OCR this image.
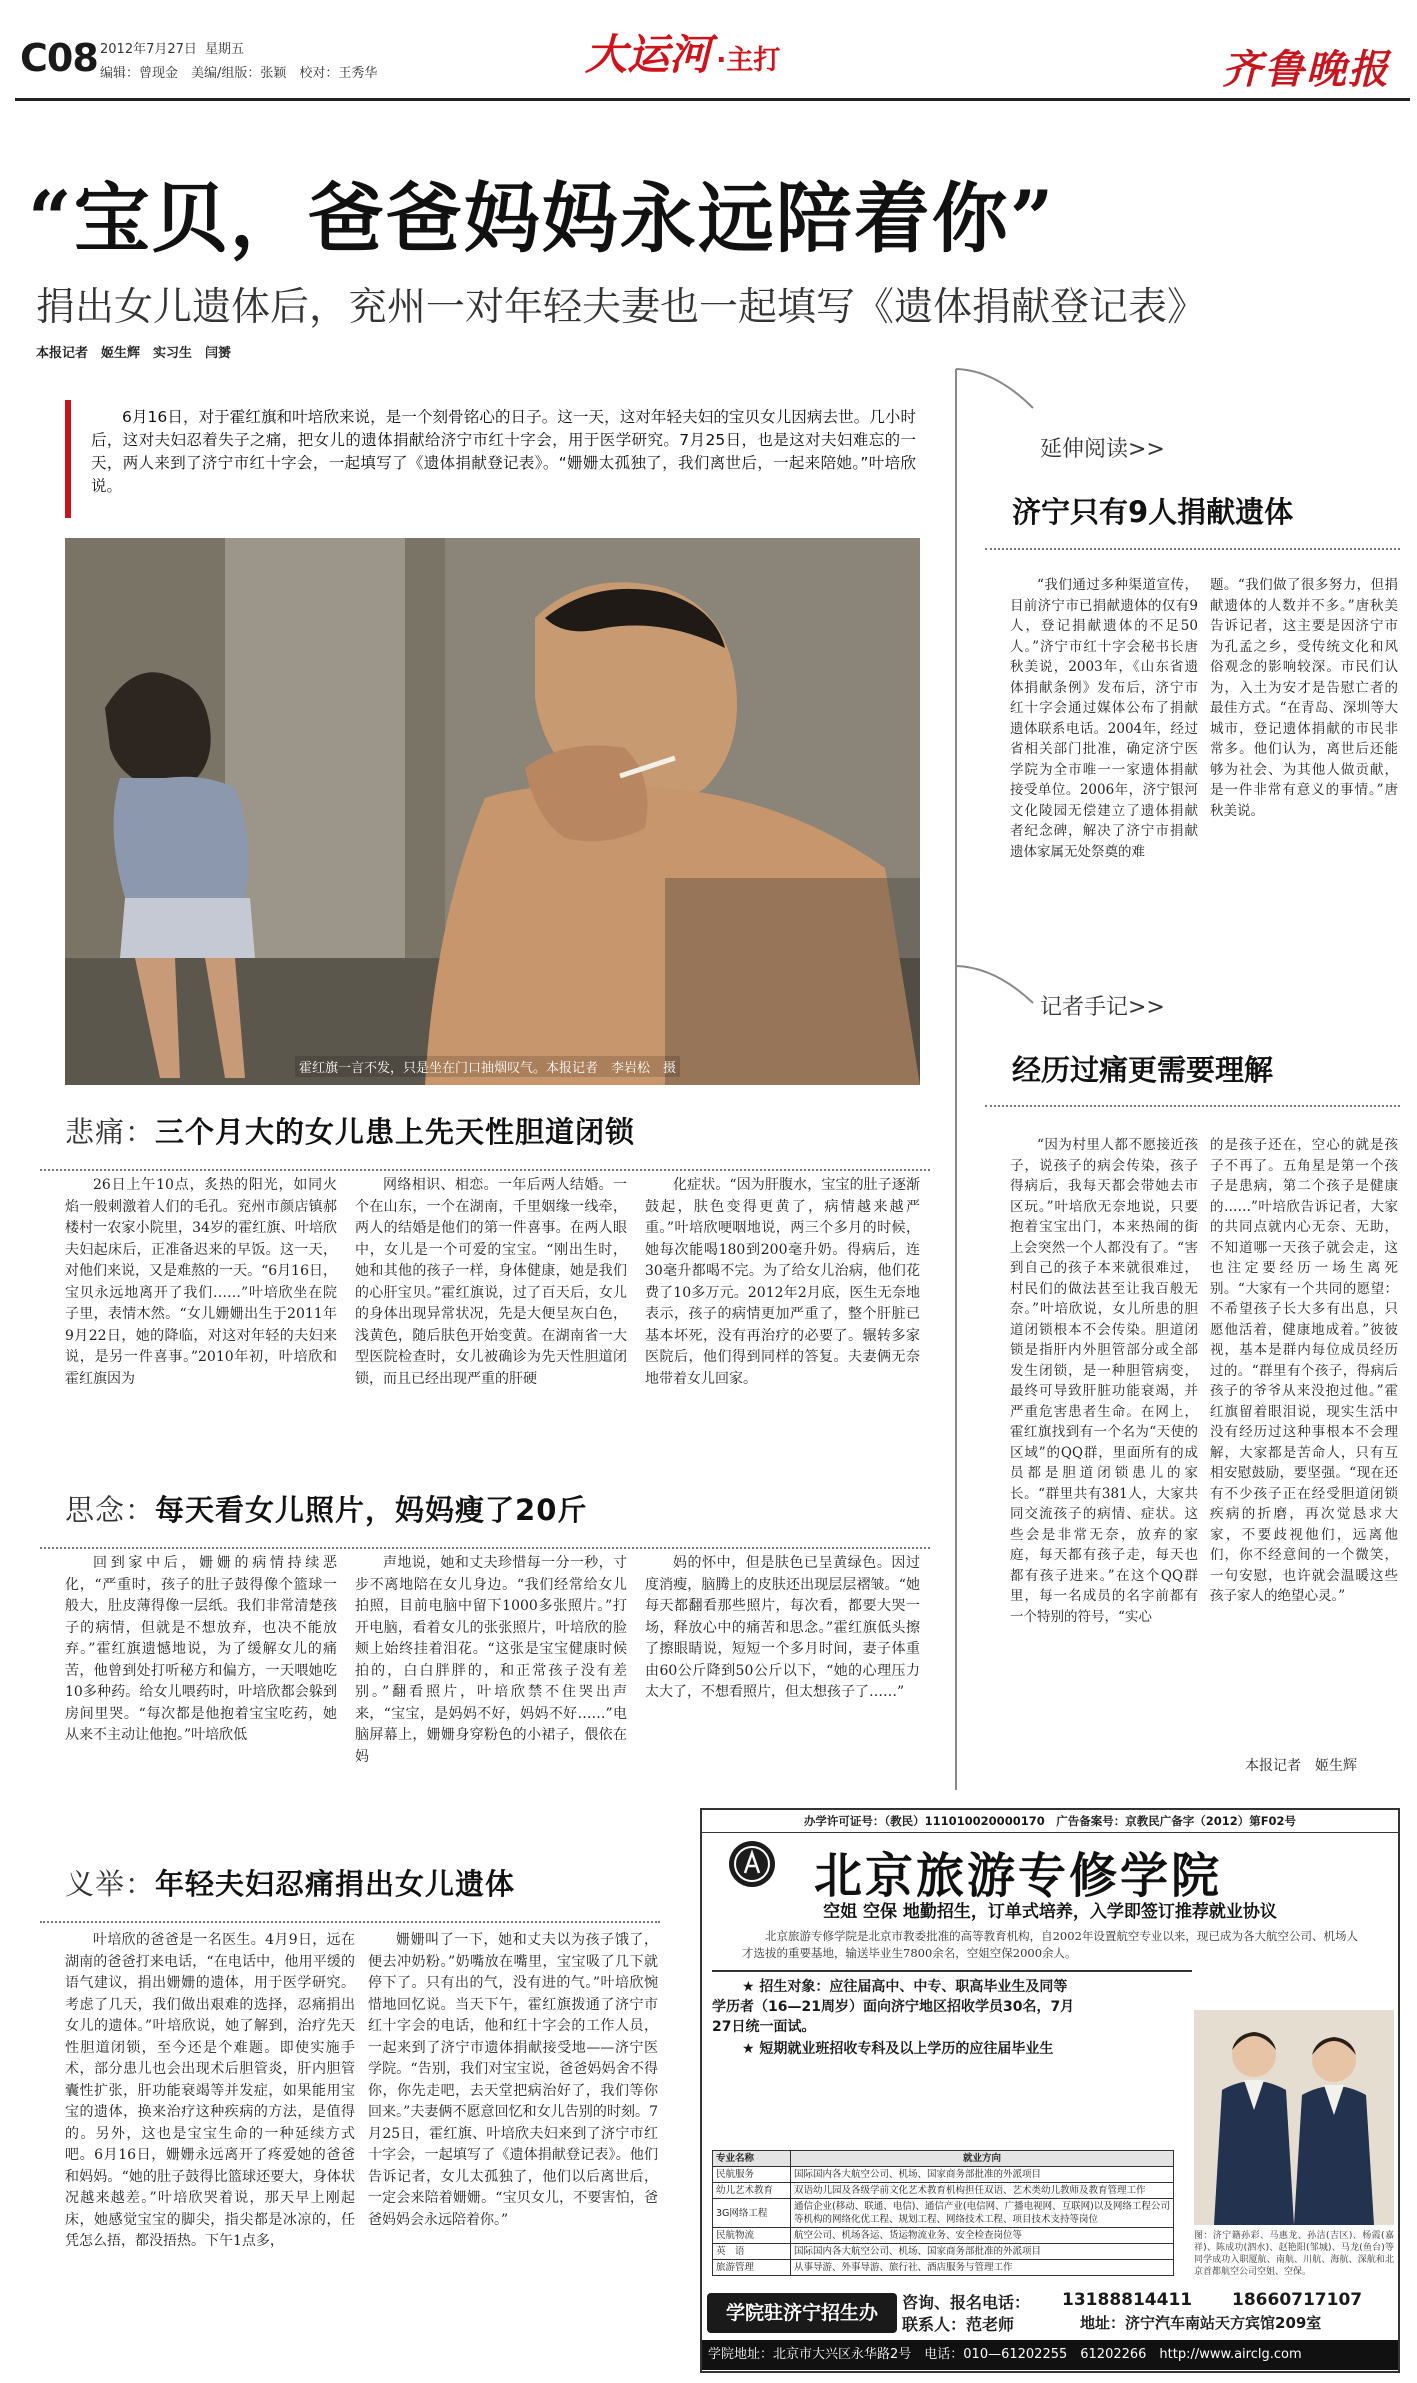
C08 2012年7月27日 星期五
编辑：曾现金　美编/组版：张颖　校对：王秀华	大运河 ·主打	齐鲁晚报
“宝贝，爸爸妈妈永远陪着你”
捐出女儿遗体后，兖州一对年轻夫妻也一起填写《遗体捐献登记表》
本报记者　姬生辉　实习生　闫赟
6月16日，对于霍红旗和叶培欣来说，是一个刻骨铭心的日子。这一天，这对年轻夫妇的宝贝女儿因病去世。几小时后，这对夫妇忍着失子之痛，把女儿的遗体捐献给济宁市红十字会，用于医学研究。7月25日，也是这对夫妇难忘的一天，两人来到了济宁市红十字会，一起填写了《遗体捐献登记表》。“姗姗太孤独了，我们离世后，一起来陪她。”叶培欣说。
霍红旗一言不发，只是坐在门口抽烟叹气。本报记者　李岩松　摄
悲痛：三个月大的女儿患上先天性胆道闭锁
26日上午10点，炙热的阳光，如同火焰一般刺激着人们的毛孔。兖州市颜店镇郝楼村一农家小院里，34岁的霍红旗、叶培欣夫妇起床后，正准备迟来的早饭。这一天，对他们来说，又是难熬的一天。“6月16日，宝贝永远地离开了我们……”叶培欣坐在院子里，表情木然。“女儿姗姗出生于2011年9月22日，她的降临，对这对年轻的夫妇来说，是另一件喜事。”2010年初，叶培欣和霍红旗因为
网络相识、相恋。一年后两人结婚。一个在山东，一个在湖南，千里姻缘一线牵，两人的结婚是他们的第一件喜事。在两人眼中，女儿是一个可爱的宝宝。“刚出生时，她和其他的孩子一样，身体健康，她是我们的心肝宝贝。”霍红旗说，过了百天后，女儿的身体出现异常状况，先是大便呈灰白色，浅黄色，随后肤色开始变黄。在湖南省一大型医院检查时，女儿被确诊为先天性胆道闭锁，而且已经出现严重的肝硬
化症状。“因为肝腹水，宝宝的肚子逐渐鼓起，肤色变得更黄了，病情越来越严重。”叶培欣哽咽地说，两三个多月的时候，她每次能喝180到200毫升奶。得病后，连30毫升都喝不完。为了给女儿治病，他们花费了10多万元。2012年2月底，医生无奈地表示，孩子的病情更加严重了，整个肝脏已基本坏死，没有再治疗的必要了。辗转多家医院后，他们得到同样的答复。夫妻俩无奈地带着女儿回家。
思念：每天看女儿照片，妈妈瘦了20斤
回到家中后，姗姗的病情持续恶化，“严重时，孩子的肚子鼓得像个篮球一般大，肚皮薄得像一层纸。我们非常清楚孩子的病情，但就是不想放弃，也决不能放弃。”霍红旗遗憾地说，为了缓解女儿的痛苦，他曾到处打听秘方和偏方，一天喂她吃10多种药。给女儿喂药时，叶培欣都会躲到房间里哭。“每次都是他抱着宝宝吃药，她从来不主动让他抱。”叶培欣低
声地说，她和丈夫珍惜每一分一秒，寸步不离地陪在女儿身边。“我们经常给女儿拍照，目前电脑中留下1000多张照片。”打开电脑，看着女儿的张张照片，叶培欣的脸颊上始终挂着泪花。“这张是宝宝健康时候拍的，白白胖胖的，和正常孩子没有差别。”翻看照片，叶培欣禁不住哭出声来，“宝宝，是妈妈不好，妈妈不好……”电脑屏幕上，姗姗身穿粉色的小裙子，偎依在妈
妈的怀中，但是肤色已呈黄绿色。因过度消瘦，脑腾上的皮肤还出现层层褶皱。“她每天都翻看那些照片，每次看，都要大哭一场，释放心中的痛苦和思念。”霍红旗低头擦了擦眼睛说，短短一个多月时间，妻子体重由60公斤降到50公斤以下，“她的心理压力太大了，不想看照片，但太想孩子了……”
义举：年轻夫妇忍痛捐出女儿遗体
叶培欣的爸爸是一名医生。4月9日，远在湖南的爸爸打来电话，“在电话中，他用平缓的语气建议，捐出姗姗的遗体，用于医学研究。考虑了几天，我们做出艰难的选择，忍痛捐出女儿的遗体。”叶培欣说，她了解到，治疗先天性胆道闭锁，至今还是个难题。即使实施手术，部分患儿也会出现术后胆管炎，肝内胆管囊性扩张，肝功能衰竭等并发症，如果能用宝宝的遗体，换来治疗这种疾病的方法，是值得的。另外，这也是宝宝生命的一种延续方式吧。6月16日，姗姗永远离开了疼爱她的爸爸和妈妈。“她的肚子鼓得比篮球还要大，身体状况越来越差。”叶培欣哭着说，那天早上刚起床，她感觉宝宝的脚尖，指尖都是冰凉的，任凭怎么捂，都没捂热。下午1点多，
姗姗叫了一下，她和丈夫以为孩子饿了，便去冲奶粉。”奶嘴放在嘴里，宝宝吸了几下就停下了。只有出的气，没有进的气。”叶培欣惋惜地回忆说。当天下午，霍红旗拨通了济宁市红十字会的电话，他和红十字会的工作人员，一起来到了济宁市遗体捐献接受地——济宁医学院。“告别，我们对宝宝说，爸爸妈妈舍不得你，你先走吧，去天堂把病治好了，我们等你回来。”夫妻俩不愿意回忆和女儿告别的时刻。7月25日，霍红旗、叶培欣夫妇来到了济宁市红十字会，一起填写了《遗体捐献登记表》。他们告诉记者，女儿太孤独了，他们以后离世后，一定会来陪着姗姗。“宝贝女儿，不要害怕，爸爸妈妈会永远陪着你。”
延伸阅读>>
济宁只有9人捐献遗体
“我们通过多种渠道宣传，目前济宁市已捐献遗体的仅有9人，登记捐献遗体的不足50人。”济宁市红十字会秘书长唐秋美说，2003年，《山东省遗体捐献条例》发布后，济宁市红十字会通过媒体公布了捐献遗体联系电话。2004年，经过省相关部门批准，确定济宁医学院为全市唯一一家遗体捐献接受单位。2006年，济宁银河文化陵园无偿建立了遗体捐献者纪念碑，解决了济宁市捐献遗体家属无处祭奠的难
题。“我们做了很多努力，但捐献遗体的人数并不多。”唐秋美告诉记者，这主要是因济宁市为孔孟之乡，受传统文化和风俗观念的影响较深。市民们认为，入土为安才是告慰亡者的最佳方式。“在青岛、深圳等大城市，登记遗体捐献的市民非常多。他们认为，离世后还能够为社会、为其他人做贡献，是一件非常有意义的事情。”唐秋美说。
记者手记>>
经历过痛更需要理解
“因为村里人都不愿接近孩子，说孩子的病会传染，孩子得病后，我每天都会带她去市区玩。”叶培欣无奈地说，只要抱着宝宝出门，本来热闹的街上会突然一个人都没有了。“害到自己的孩子本来就很难过，村民们的做法甚至让我百般无奈。”叶培欣说，女儿所患的胆道闭锁根本不会传染。胆道闭锁是指肝内外胆管部分或全部发生闭锁，是一种胆管病变，最终可导致肝脏功能衰竭，并严重危害患者生命。在网上，霍红旗找到有一个名为“天使的区域”的QQ群，里面所有的成员都是胆道闭锁患儿的家长。“群里共有381人，大家共同交流孩子的病情、症状。这些会是非常无奈，放弃的家庭，每天都有孩子走，每天也都有孩子进来。”在这个QQ群里，每一名成员的名字前都有一个特别的符号，“实心
的是孩子还在，空心的就是孩子不再了。五角星是第一个孩子是患病，第二个孩子是健康的……”叶培欣告诉记者，大家的共同点就内心无奈、无助，不知道哪一天孩子就会走，这也注定要经历一场生离死别。“大家有一个共同的愿望：不希望孩子长大多有出息，只愿他活着，健康地成着。”彼彼视，基本是群内每位成员经历过的。“群里有个孩子，得病后孩子的爷爷从来没抱过他。”霍红旗留着眼泪说，现实生活中没有经历过这种事根本不会理解，大家都是苦命人，只有互相安慰鼓励，要坚强。“现在还有不少孩子正在经受胆道闭锁疾病的折磨，再次觉恳求大家，不要歧视他们，远离他们，你不经意间的一个微笑，一句安慰，也许就会温暖这些孩子家人的绝望心灵。”
本报记者　姬生辉
办学许可证号：（教民）111010020000170　广告备案号：京教民广备字（2012）第F02号
北京旅游专修学院
空姐 空保 地勤招生，订单式培养，入学即签订推荐就业协议
北京旅游专修学院是北京市教委批准的高等教育机构，自2002年设置航空专业以来，现已成为各大航空公司、机场人才选拔的重要基地，输送毕业生7800余名，空姐空保2000余人。
★ 招生对象：应往届高中、中专、职高毕业生及同等
学历者（16—21周岁）面向济宁地区招收学员30名，7月
27日统一面试。
★ 短期就业班招收专科及以上学历的应往届毕业生
专业名称	就业方向
民航服务	国际国内各大航空公司、机场、国家商务部批准的外派项目
幼儿艺术教育	双语幼儿园及各级学前文化艺术教育机构担任双语、艺术类幼儿教师及教育管理工作
3G网络工程	通信企业(移动、联通、电信)、通信产业(电信网、广播电视网、互联网)以及网络工程公司等机构的网络化优工程、规划工程、网络技术工程、项目技术支持等岗位
民航物流	航空公司、机场各运、货运物流业务、安全检查岗位等
英　语	国际国内各大航空公司、机场、国家商务部批准的外派项目
旅游管理	从事导游、外事导游、旅行社、酒店服务与管理工作
图：济宁籍孙彩、马惠龙、孙洁(吉区)、杨霞(嘉祥)、陈成功(泗水)、赵艳阳(邹城)、马龙(鱼台)等同学成功入职厦航、南航、川航、海航、深航和北京首都航空公司空姐、空保。
学院驻济宁招生办	咨询、报名电话： 13188814411 18660717107
联系人：范老师	地址：济宁汽车南站天方宾馆209室
学院地址：北京市大兴区永华路2号　电话：010—61202255　61202266　http://www.airclg.com
